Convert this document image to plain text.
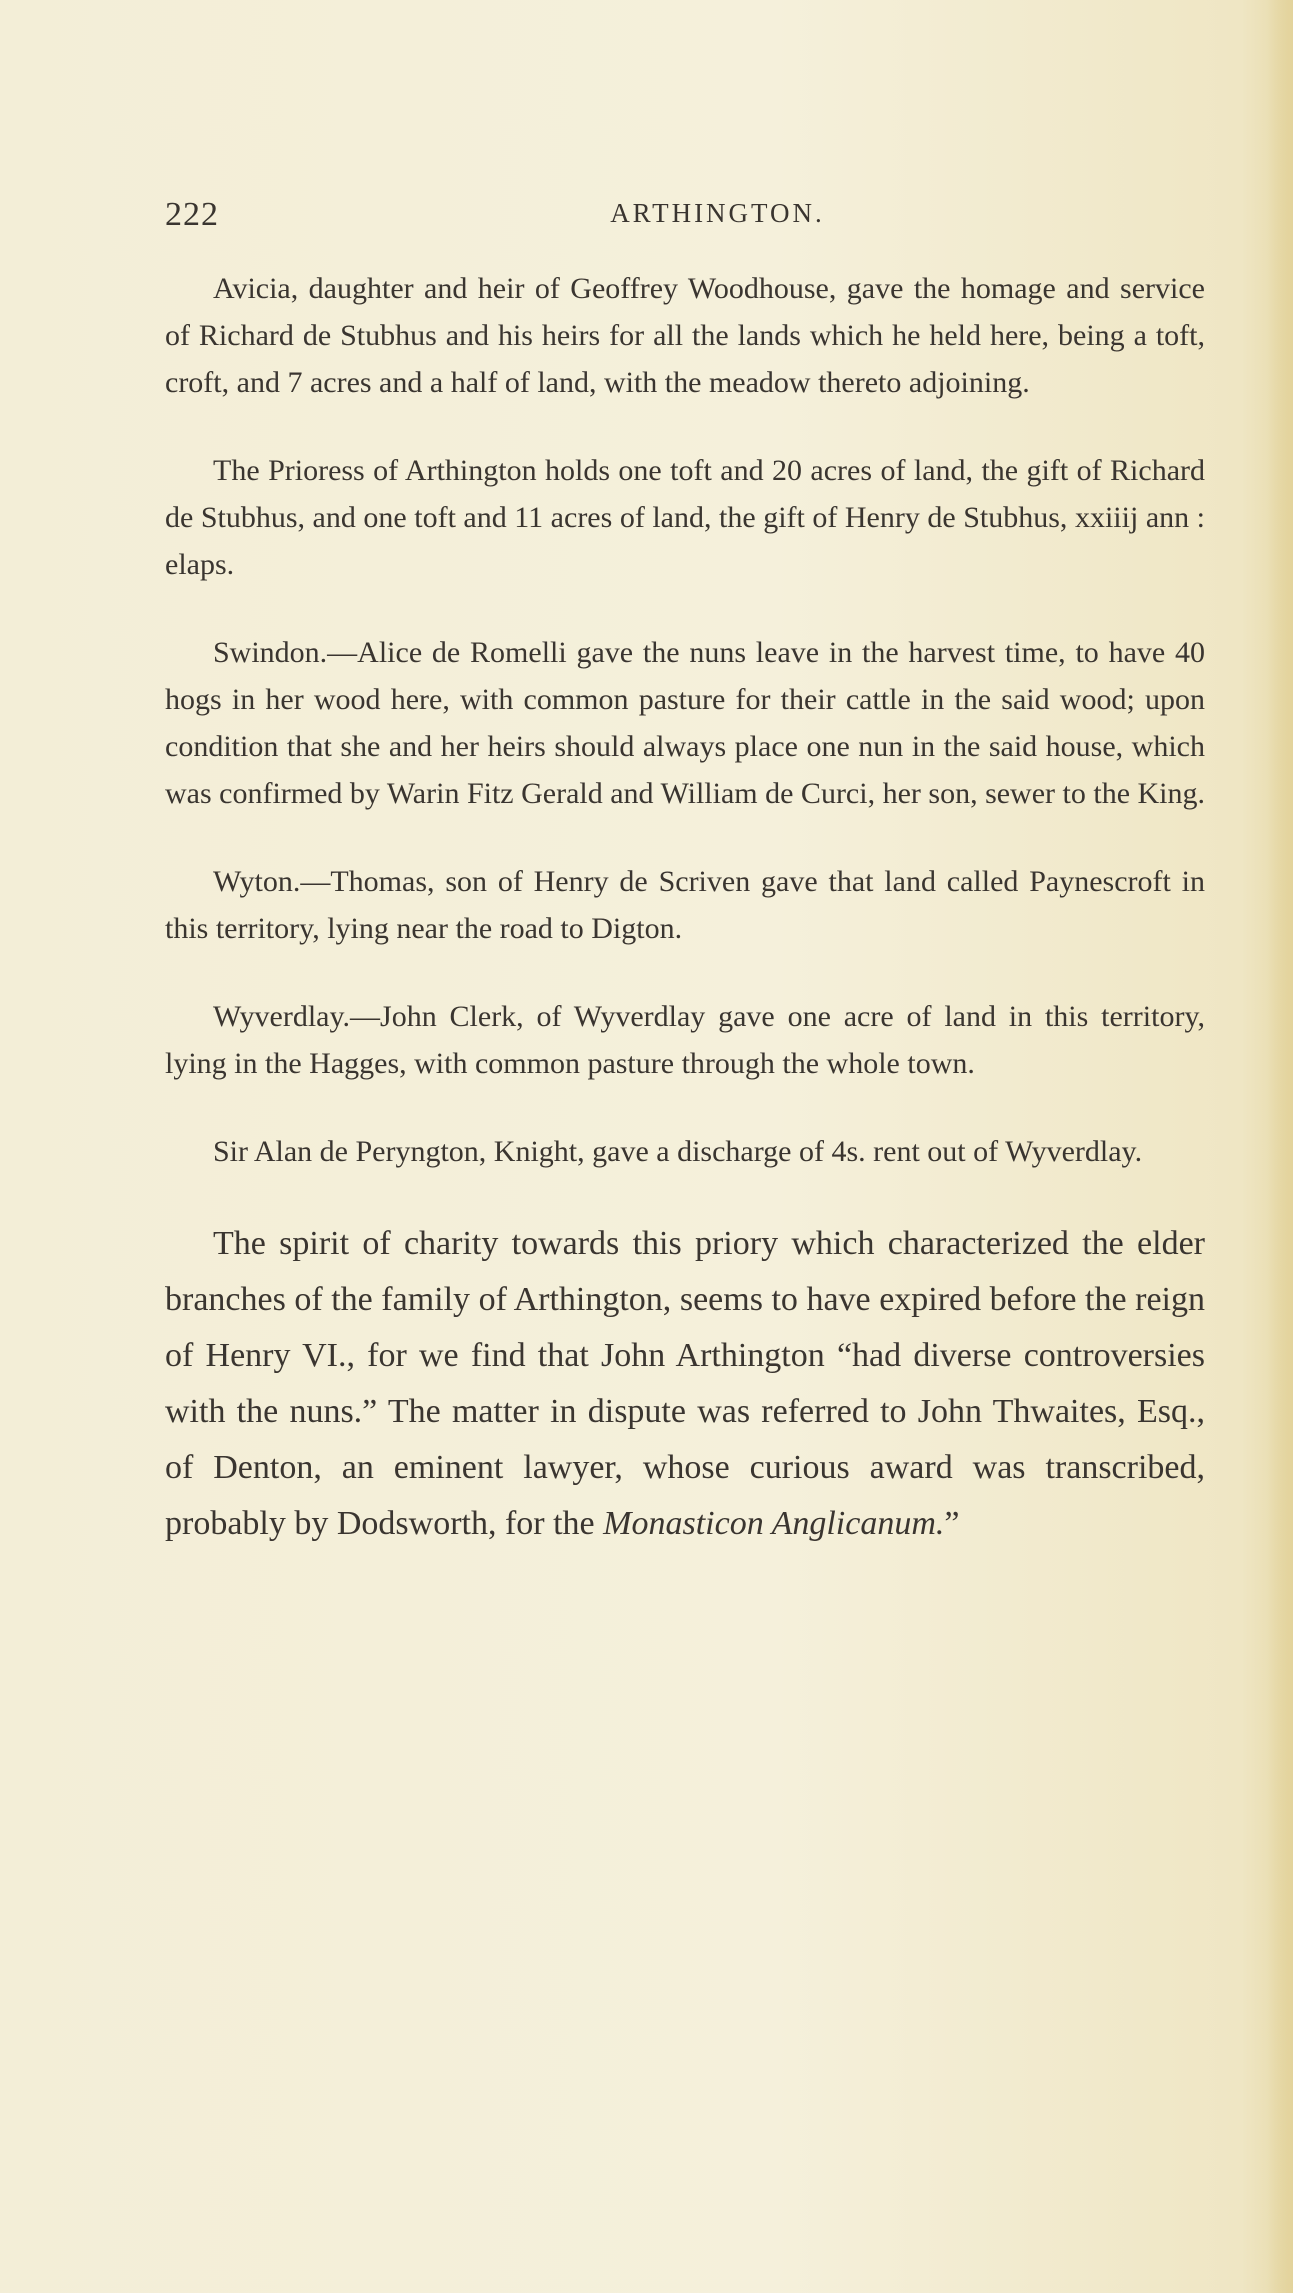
222	ARTHINGTON.

Avicia, daughter and heir of Geoffrey Woodhouse, gave the homage and service of Richard de Stubhus and his heirs for all the lands which he held here, being a toft, croft, and 7 acres and a half of land, with the meadow thereto adjoining.

The Prioress of Arthington holds one toft and 20 acres of land, the gift of Richard de Stubhus, and one toft and 11 acres of land, the gift of Henry de Stubhus, xxiiij ann : elaps.

Swindon.—Alice de Romelli gave the nuns leave in the harvest time, to have 40 hogs in her wood here, with common pasture for their cattle in the said wood; upon condition that she and her heirs should always place one nun in the said house, which was confirmed by Warin Fitz Gerald and William de Curci, her son, sewer to the King.

Wyton.—Thomas, son of Henry de Scriven gave that land called Paynescroft in this territory, lying near the road to Digton.

Wyverdlay.—John Clerk, of Wyverdlay gave one acre of land in this territory, lying in the Hagges, with common pasture through the whole town.

Sir Alan de Peryngton, Knight, gave a discharge of 4s. rent out of Wyverdlay.

The spirit of charity towards this priory which characterized the elder branches of the family of Arthington, seems to have expired before the reign of Henry VI., for we find that John Arthington “had diverse controversies with the nuns.” The matter in dispute was referred to John Thwaites, Esq., of Denton, an eminent lawyer, whose curious award was transcribed, probably by Dodsworth, for the Monasticon Anglicanum.”
